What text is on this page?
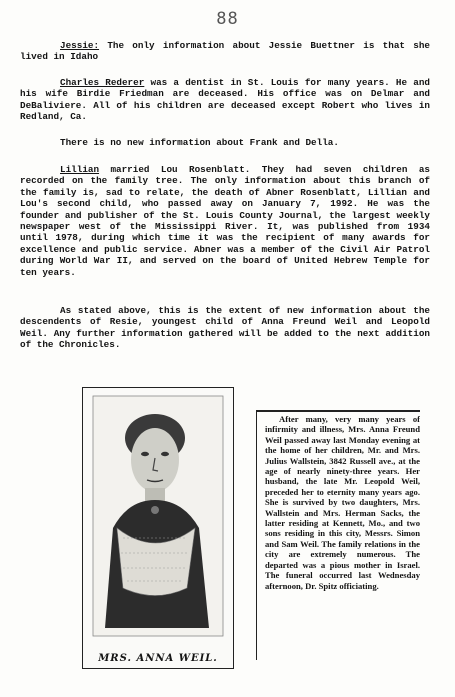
88

Jessie: The only information about Jessie Buettner is that she lived in Idaho

Charles Rederer was a dentist in St. Louis for many years. He and his wife Birdie Friedman are deceased. His office was on Delmar and DeBaliviere. All of his children are deceased except Robert who lives in Redland, Ca.

There is no new information about Frank and Della.

Lillian married Lou Rosenblatt. They had seven children as recorded on the family tree. The only information about this branch of the family is, sad to relate, the death of Abner Rosenblatt, Lillian and Lou's second child, who passed away on January 7, 1992. He was the founder and publisher of the St. Louis County Journal, the largest weekly newspaper west of the Mississippi River. It, was published from 1934 until 1978, during which time it was the recipient of many awards for excellence and public service. Abner was a member of the Civil Air Patrol during World War II, and served on the board of United Hebrew Temple for ten years.

As stated above, this is the extent of new information about the descendents of Resie, youngest child of Anna Freund Weil and Leopold Weil. Any further information gathered will be added to the next addition of the Chronicles.

MRS. ANNA WEIL.

After many, very many years of infirmity and illness, Mrs. Anna Freund Weil passed away last Monday evening at the home of her children, Mr. and Mrs. Julius Wallstein, 3842 Russell ave., at the age of nearly ninety-three years. Her husband, the late Mr. Leopold Weil, preceded her to eternity many years ago. She is survived by two daughters, Mrs. Wallstein and Mrs. Herman Sacks, the latter residing at Kennett, Mo., and two sons residing in this city, Messrs. Simon and Sam Weil. The family relations in the city are extremely numerous. The departed was a pious mother in Israel. The funeral occurred last Wednesday afternoon, Dr. Spitz officiating.
